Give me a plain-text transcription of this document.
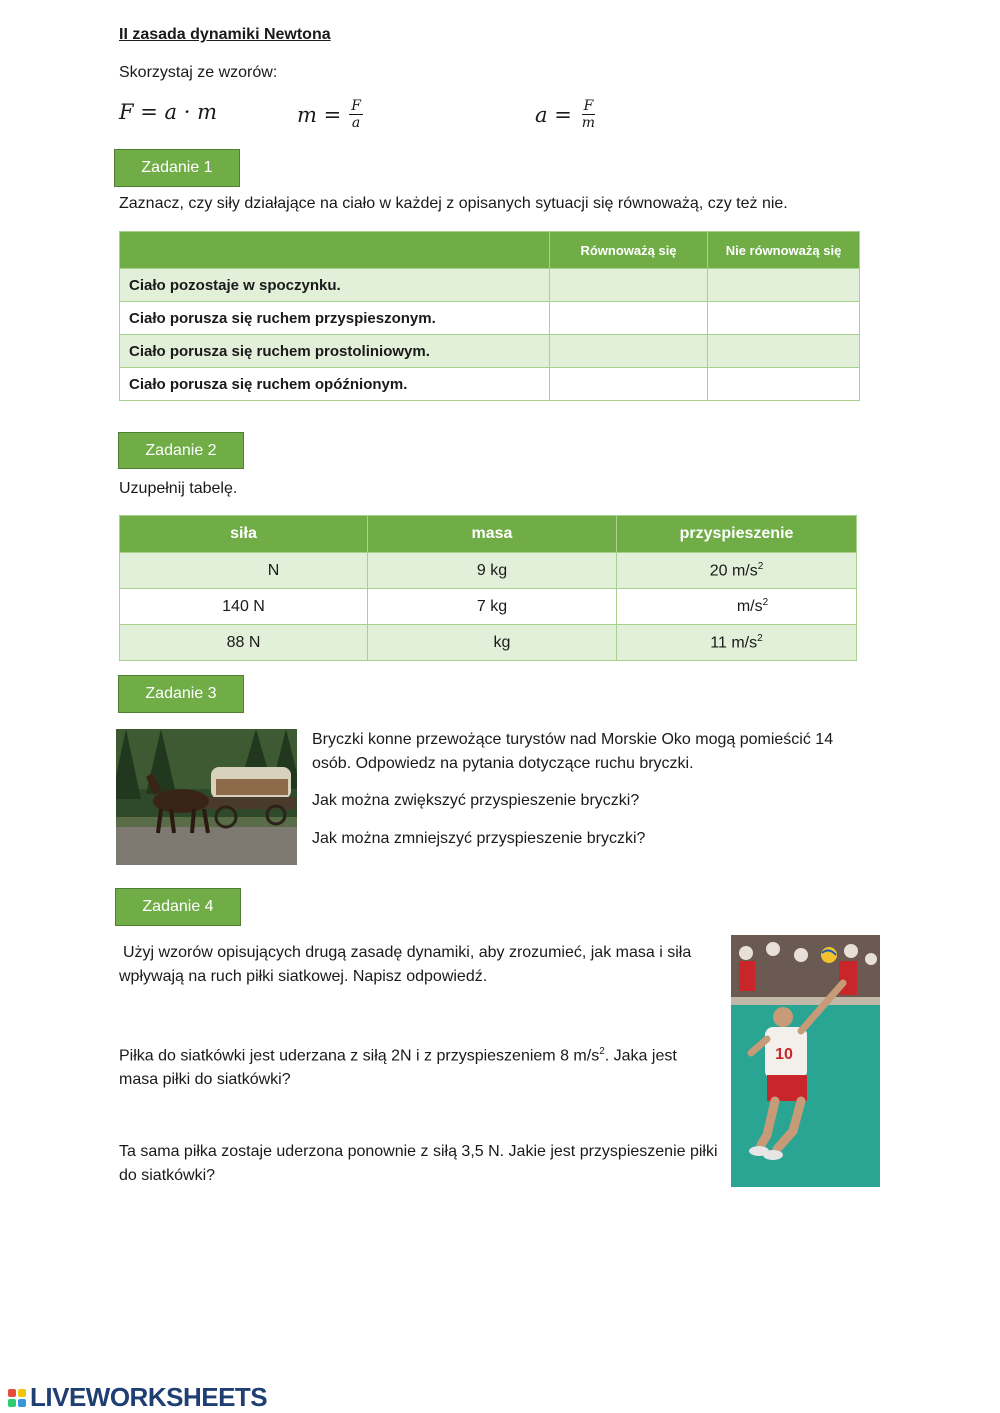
II zasada dynamiki Newtona
Skorzystaj ze wzorów:
F = a · m	$m = \frac{F}{a}$	$a = \frac{F}{m}$
Zadanie 1
Zaznacz, czy siły działające na ciało w każdej z opisanych sytuacji się równoważą, czy też nie.
	Równoważą się	Nie równoważą się
Ciało pozostaje w spoczynku.		
Ciało porusza się ruchem przyspieszonym.		
Ciało porusza się ruchem prostoliniowym.		
Ciało porusza się ruchem opóźnionym.		
Zadanie 2
Uzupełnij tabelę.
siła	masa	przyspieszenie
N	9 kg	20 $m/s^2$
140 N	7 kg	$m/s^2$
88 N	kg	11 $m/s^2$
Zadanie 3
Bryczki konne przewożące turystów nad Morskie Oko mogą pomieścić 14 osób. Odpowiedz na pytania dotyczące ruchu bryczki.
Jak można zwiększyć przyspieszenie bryczki?
Jak można zmniejszyć przyspieszenie bryczki?
Zadanie 4
Użyj wzorów opisujących drugą zasadę dynamiki, aby zrozumieć, jak masa i siła wpływają na ruch piłki siatkowej. Napisz odpowiedź.
Piłka do siatkówki jest uderzana z siłą 2N i z przyspieszeniem 8 $m/s^2$. Jaka jest masa piłki do siatkówki?
Ta sama piłka zostaje uderzona ponownie z siłą 3,5 N. Jakie jest przyspieszenie piłki do siatkówki?
10
LIVEWORKSHEETS
